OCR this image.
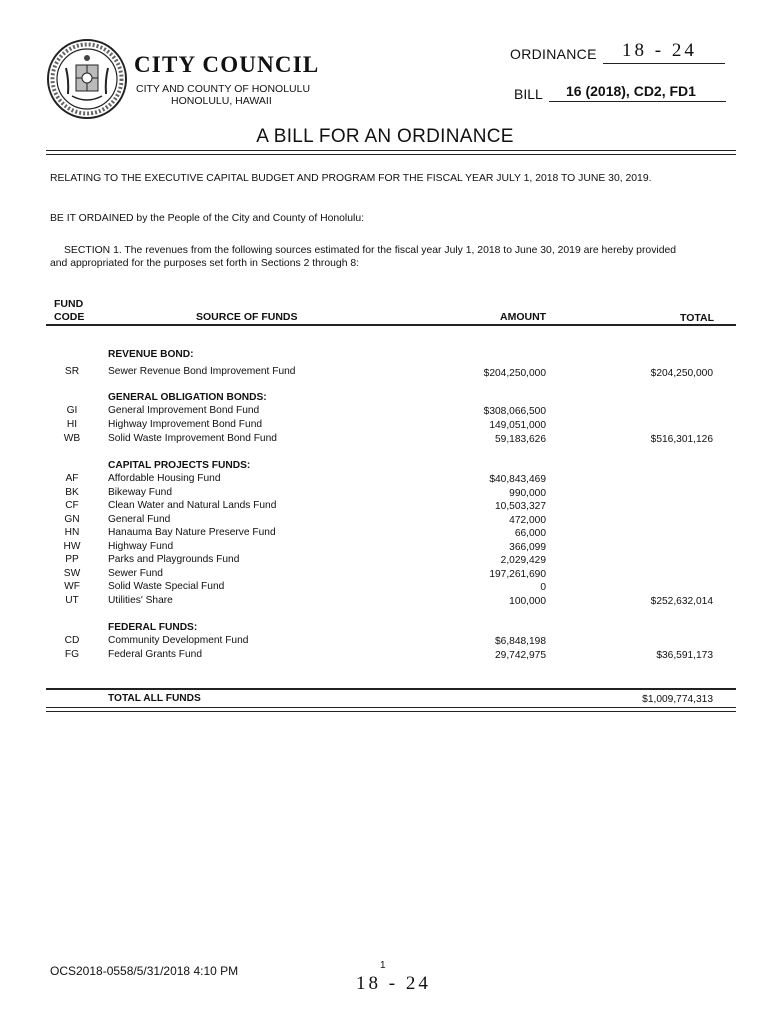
CITY COUNCIL
CITY AND COUNTY OF HONOLULU
HONOLULU, HAWAII
ORDINANCE 18 - 24
BILL 16 (2018), CD2, FD1
A BILL FOR AN ORDINANCE
RELATING TO THE EXECUTIVE CAPITAL BUDGET AND PROGRAM FOR THE FISCAL YEAR JULY 1, 2018 TO JUNE 30, 2019.
BE IT ORDAINED by the People of the City and County of Honolulu:
SECTION 1. The revenues from the following sources estimated for the fiscal year July 1, 2018 to June 30, 2019 are hereby provided
and appropriated for the purposes set forth in Sections 2 through 8:
FUND
CODE	SOURCE OF FUNDS	AMOUNT	TOTAL
REVENUE BOND:
SR	Sewer Revenue Bond Improvement Fund	$204,250,000	$204,250,000
GENERAL OBLIGATION BONDS:
GI	General Improvement Bond Fund	$308,066,500
HI	Highway Improvement Bond Fund	149,051,000
WB	Solid Waste Improvement Bond Fund	59,183,626	$516,301,126
CAPITAL PROJECTS FUNDS:
AF	Affordable Housing Fund	$40,843,469
BK	Bikeway Fund	990,000
CF	Clean Water and Natural Lands Fund	10,503,327
GN	General Fund	472,000
HN	Hanauma Bay Nature Preserve Fund	66,000
HW	Highway Fund	366,099
PP	Parks and Playgrounds Fund	2,029,429
SW	Sewer Fund	197,261,690
WF	Solid Waste Special Fund	0
UT	Utilities' Share	100,000	$252,632,014
FEDERAL FUNDS:
CD	Community Development Fund	$6,848,198
FG	Federal Grants Fund	29,742,975	$36,591,173
TOTAL ALL FUNDS	$1,009,774,313
OCS2018-0558/5/31/2018 4:10 PM	1
18 - 24
